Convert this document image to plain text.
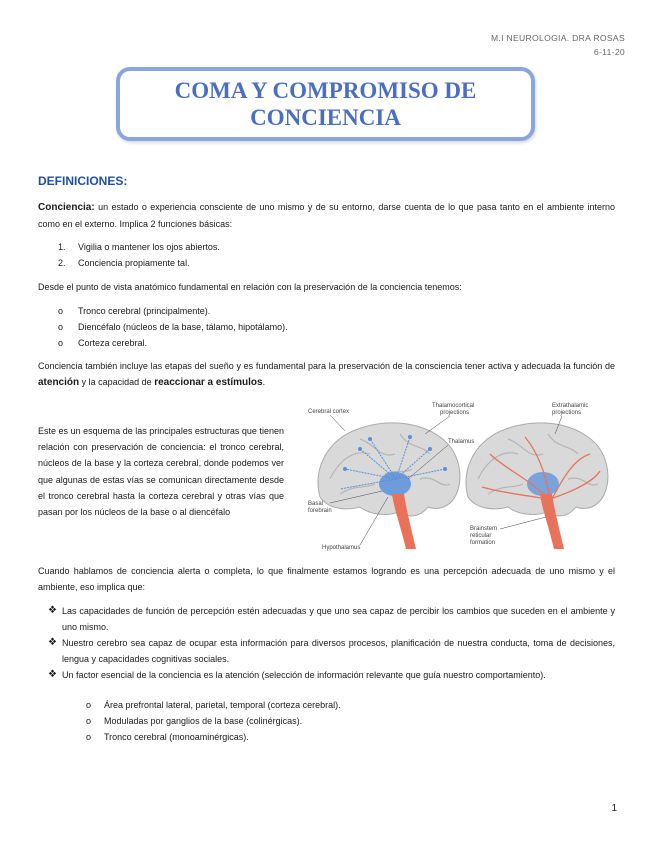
M.I NEUROLOGIA. DRA ROSAS
6-11-20
COMA Y COMPROMISO DE
CONCIENCIA
DEFINICIONES:
Conciencia: un estado o experiencia consciente de uno mismo y de su entorno, darse cuenta de lo que pasa tanto en el ambiente interno como en el externo. Implica 2 funciones básicas:
1. Vigilia o mantener los ojos abiertos.
2. Conciencia propiamente tal.
Desde el punto de vista anatómico fundamental en relación con la preservación de la conciencia tenemos:
o Tronco cerebral (principalmente).
o Diencéfalo (núcleos de la base, tálamo, hipotálamo).
o Corteza cerebral.
Conciencia también incluye las etapas del sueño y es fundamental para la preservación de la consciencia tener activa y adecuada la función de atención y la capacidad de reaccionar a estímulos.
Este es un esquema de las principales estructuras que tienen relación con preservación de conciencia: el tronco cerebral, núcleos de la base y la corteza cerebral, donde podemos ver que algunas de estas vías se comunican directamente desde el tronco cerebral hasta la corteza cerebral y otras vías que pasan por los núcleos de la base o al diencéfalo
Cerebral cortex
Thalamocortical
projections
Extrathalamic
projections
Thalamus
Basal
forebrain
Hypothalamus
Brainstem
reticular
formation
Cuando hablamos de conciencia alerta o completa, lo que finalmente estamos logrando es una percepción adecuada de uno mismo y el ambiente, eso implica que:
❖ Las capacidades de función de percepción estén adecuadas y que uno sea capaz de percibir los cambios que suceden en el ambiente y uno mismo.
❖ Nuestro cerebro sea capaz de ocupar esta información para diversos procesos, planificación de nuestra conducta, toma de decisiones, lengua y capacidades cognitivas sociales.
❖ Un factor esencial de la conciencia es la atención (selección de información relevante que guía nuestro comportamiento).
o Área prefrontal lateral, parietal, temporal (corteza cerebral).
o Moduladas por ganglios de la base (colinérgicas).
o Tronco cerebral (monoaminérgicas).
1
